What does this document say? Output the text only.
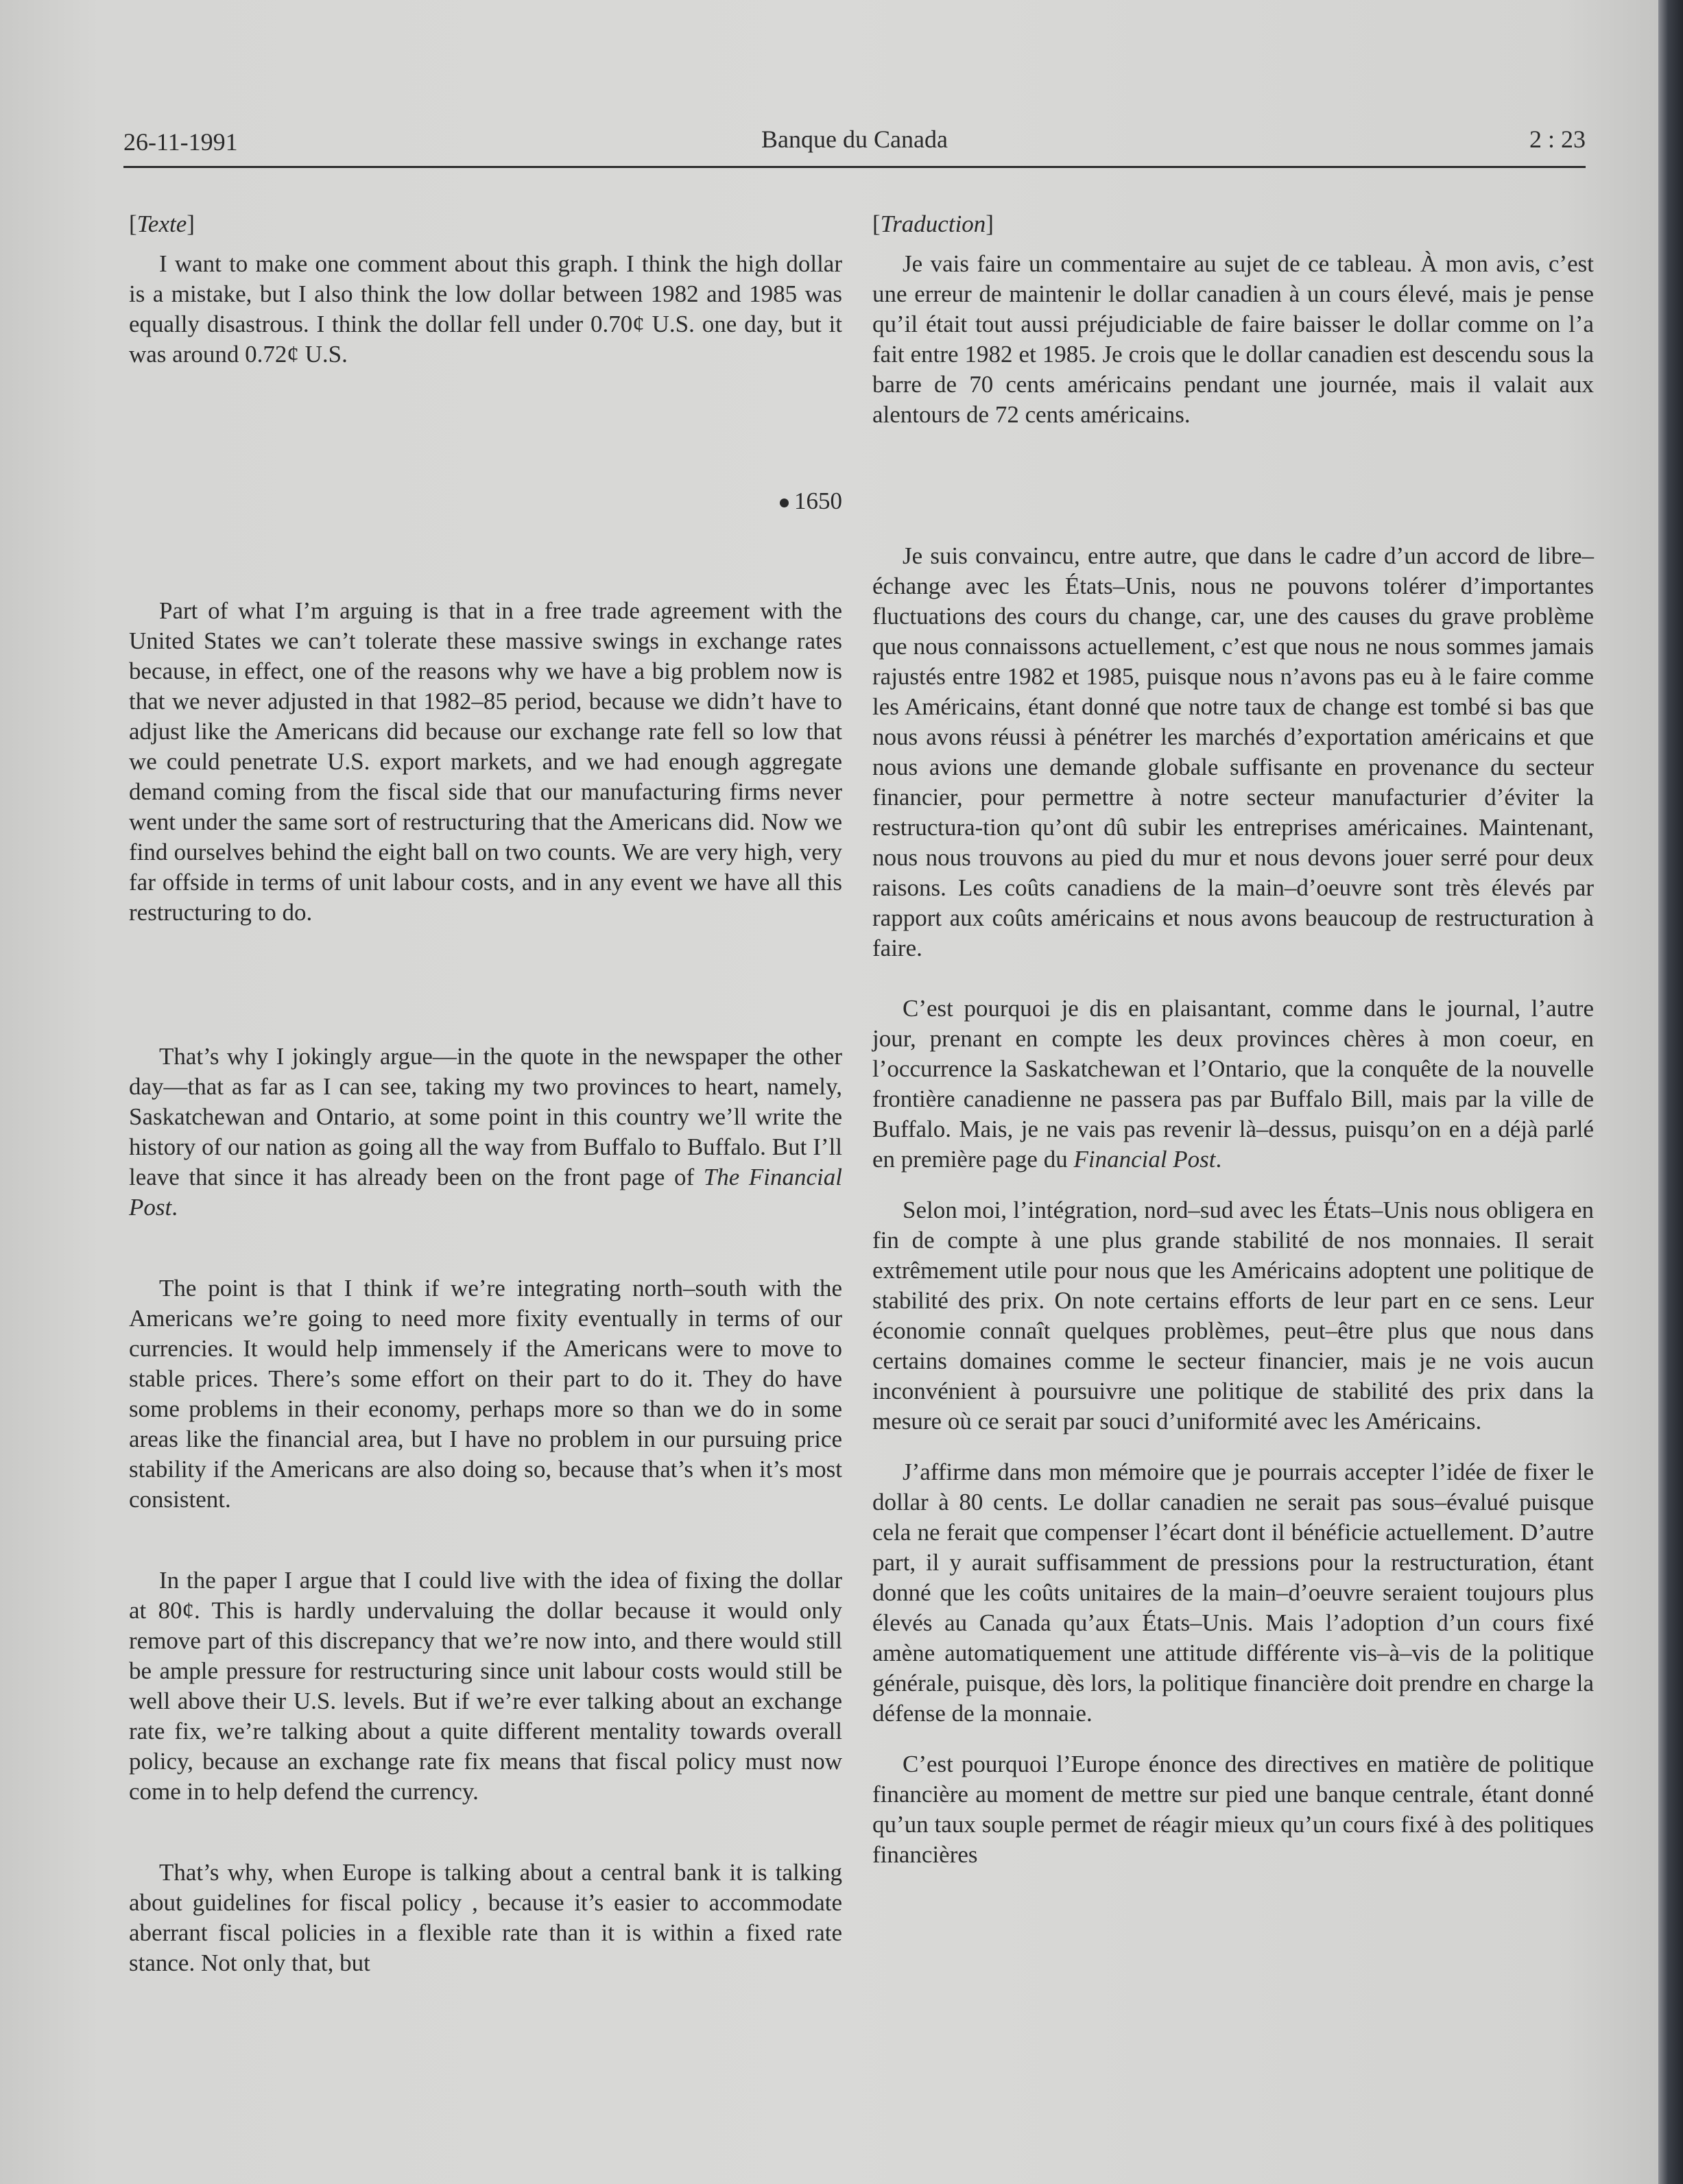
26-11-1991	Banque du Canada	2 : 23

[Texte]

I want to make one comment about this graph. I think the high dollar is a mistake, but I also think the low dollar between 1982 and 1985 was equally disastrous. I think the dollar fell under 0.70¢ U.S. one day, but it was around 0.72¢ U.S.

1650

Part of what I’m arguing is that in a free trade agreement with the United States we can’t tolerate these massive swings in exchange rates because, in effect, one of the reasons why we have a big problem now is that we never adjusted in that 1982–85 period, because we didn’t have to adjust like the Americans did because our exchange rate fell so low that we could penetrate U.S. export markets, and we had enough aggregate demand coming from the fiscal side that our manufacturing firms never went under the same sort of restructuring that the Americans did. Now we find ourselves behind the eight ball on two counts. We are very high, very far offside in terms of unit labour costs, and in any event we have all this restructuring to do.

That’s why I jokingly argue—in the quote in the newspaper the other day—that as far as I can see, taking my two provinces to heart, namely, Saskatchewan and Ontario, at some point in this country we’ll write the history of our nation as going all the way from Buffalo to Buffalo. But I’ll leave that since it has already been on the front page of The Financial Post.

The point is that I think if we’re integrating north–south with the Americans we’re going to need more fixity eventually in terms of our currencies. It would help immensely if the Americans were to move to stable prices. There’s some effort on their part to do it. They do have some problems in their economy, perhaps more so than we do in some areas like the financial area, but I have no problem in our pursuing price stability if the Americans are also doing so, because that’s when it’s most consistent.

In the paper I argue that I could live with the idea of fixing the dollar at 80¢. This is hardly undervaluing the dollar because it would only remove part of this discrepancy that we’re now into, and there would still be ample pressure for restructuring since unit labour costs would still be well above their U.S. levels. But if we’re ever talking about an exchange rate fix, we’re talking about a quite different mentality towards overall policy, because an exchange rate fix means that fiscal policy must now come in to help defend the currency.

That’s why, when Europe is talking about a central bank it is talking about guidelines for fiscal policy , because it’s easier to accommodate aberrant fiscal policies in a flexible rate than it is within a fixed rate stance. Not only that, but

[Traduction]

Je vais faire un commentaire au sujet de ce tableau. À mon avis, c’est une erreur de maintenir le dollar canadien à un cours élevé, mais je pense qu’il était tout aussi préjudiciable de faire baisser le dollar comme on l’a fait entre 1982 et 1985. Je crois que le dollar canadien est descendu sous la barre de 70 cents américains pendant une journée, mais il valait aux alentours de 72 cents américains.

Je suis convaincu, entre autre, que dans le cadre d’un accord de libre–échange avec les États–Unis, nous ne pouvons tolérer d’importantes fluctuations des cours du change, car, une des causes du grave problème que nous connaissons actuellement, c’est que nous ne nous sommes jamais rajustés entre 1982 et 1985, puisque nous n’avons pas eu à le faire comme les Américains, étant donné que notre taux de change est tombé si bas que nous avons réussi à pénétrer les marchés d’exportation américains et que nous avions une demande globale suffisante en provenance du secteur financier, pour permettre à notre secteur manufacturier d’éviter la restructura-tion qu’ont dû subir les entreprises américaines. Maintenant, nous nous trouvons au pied du mur et nous devons jouer serré pour deux raisons. Les coûts canadiens de la main–d’oeuvre sont très élevés par rapport aux coûts américains et nous avons beaucoup de restructuration à faire.

C’est pourquoi je dis en plaisantant, comme dans le journal, l’autre jour, prenant en compte les deux provinces chères à mon coeur, en l’occurrence la Saskatchewan et l’Ontario, que la conquête de la nouvelle frontière canadienne ne passera pas par Buffalo Bill, mais par la ville de Buffalo. Mais, je ne vais pas revenir là–dessus, puisqu’on en a déjà parlé en première page du Financial Post.

Selon moi, l’intégration, nord–sud avec les États–Unis nous obligera en fin de compte à une plus grande stabilité de nos monnaies. Il serait extrêmement utile pour nous que les Américains adoptent une politique de stabilité des prix. On note certains efforts de leur part en ce sens. Leur économie connaît quelques problèmes, peut–être plus que nous dans certains domaines comme le secteur financier, mais je ne vois aucun inconvénient à poursuivre une politique de stabilité des prix dans la mesure où ce serait par souci d’uniformité avec les Américains.

J’affirme dans mon mémoire que je pourrais accepter l’idée de fixer le dollar à 80 cents. Le dollar canadien ne serait pas sous–évalué puisque cela ne ferait que compenser l’écart dont il bénéficie actuellement. D’autre part, il y aurait suffisamment de pressions pour la restructuration, étant donné que les coûts unitaires de la main–d’oeuvre seraient toujours plus élevés au Canada qu’aux États–Unis. Mais l’adoption d’un cours fixé amène automatiquement une attitude différente vis–à–vis de la politique générale, puisque, dès lors, la politique financière doit prendre en charge la défense de la monnaie.

C’est pourquoi l’Europe énonce des directives en matière de politique financière au moment de mettre sur pied une banque centrale, étant donné qu’un taux souple permet de réagir mieux qu’un cours fixé à des politiques financières
